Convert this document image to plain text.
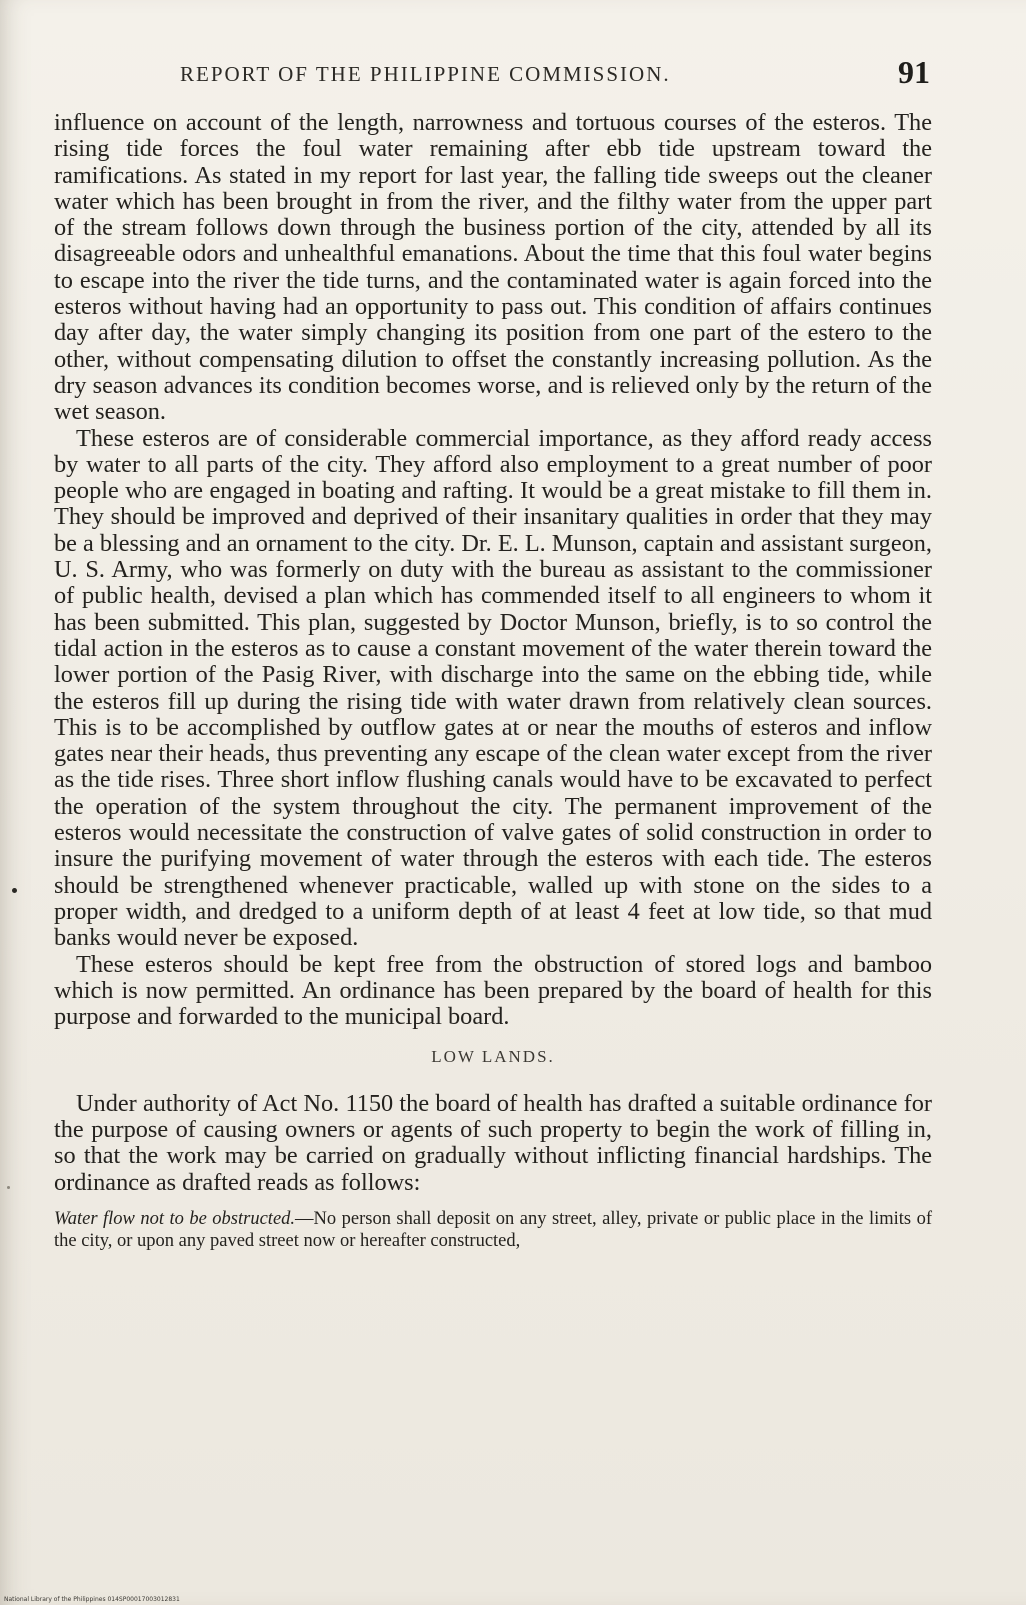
REPORT OF THE PHILIPPINE COMMISSION.	91

influence on account of the length, narrowness and tortuous courses of the esteros. The rising tide forces the foul water remaining after ebb tide upstream toward the ramifications. As stated in my report for last year, the falling tide sweeps out the cleaner water which has been brought in from the river, and the filthy water from the upper part of the stream follows down through the business portion of the city, attended by all its disagreeable odors and unhealthful emanations. About the time that this foul water begins to escape into the river the tide turns, and the contaminated water is again forced into the esteros without having had an opportunity to pass out. This condition of affairs continues day after day, the water simply changing its position from one part of the estero to the other, without compensating dilution to offset the constantly increasing pollution. As the dry season advances its condition becomes worse, and is relieved only by the return of the wet season.

These esteros are of considerable commercial importance, as they afford ready access by water to all parts of the city. They afford also employment to a great number of poor people who are engaged in boating and rafting. It would be a great mistake to fill them in. They should be improved and deprived of their insanitary qualities in order that they may be a blessing and an ornament to the city. Dr. E. L. Munson, captain and assistant surgeon, U. S. Army, who was formerly on duty with the bureau as assistant to the commissioner of public health, devised a plan which has commended itself to all engineers to whom it has been submitted. This plan, suggested by Doctor Munson, briefly, is to so control the tidal action in the esteros as to cause a constant movement of the water therein toward the lower portion of the Pasig River, with discharge into the same on the ebbing tide, while the esteros fill up during the rising tide with water drawn from relatively clean sources. This is to be accomplished by outflow gates at or near the mouths of esteros and inflow gates near their heads, thus preventing any escape of the clean water except from the river as the tide rises. Three short inflow flushing canals would have to be excavated to perfect the operation of the system throughout the city. The permanent improvement of the esteros would necessitate the construction of valve gates of solid construction in order to insure the purifying movement of water through the esteros with each tide. The esteros should be strengthened whenever practicable, walled up with stone on the sides to a proper width, and dredged to a uniform depth of at least 4 feet at low tide, so that mud banks would never be exposed.

These esteros should be kept free from the obstruction of stored logs and bamboo which is now permitted. An ordinance has been prepared by the board of health for this purpose and forwarded to the municipal board.

LOW LANDS.

Under authority of Act No. 1150 the board of health has drafted a suitable ordinance for the purpose of causing owners or agents of such property to begin the work of filling in, so that the work may be carried on gradually without inflicting financial hardships. The ordinance as drafted reads as follows:

Water flow not to be obstructed.—No person shall deposit on any street, alley, private or public place in the limits of the city, or upon any paved street now or hereafter constructed,

National Library of the Philippines 014SP00017003012831
